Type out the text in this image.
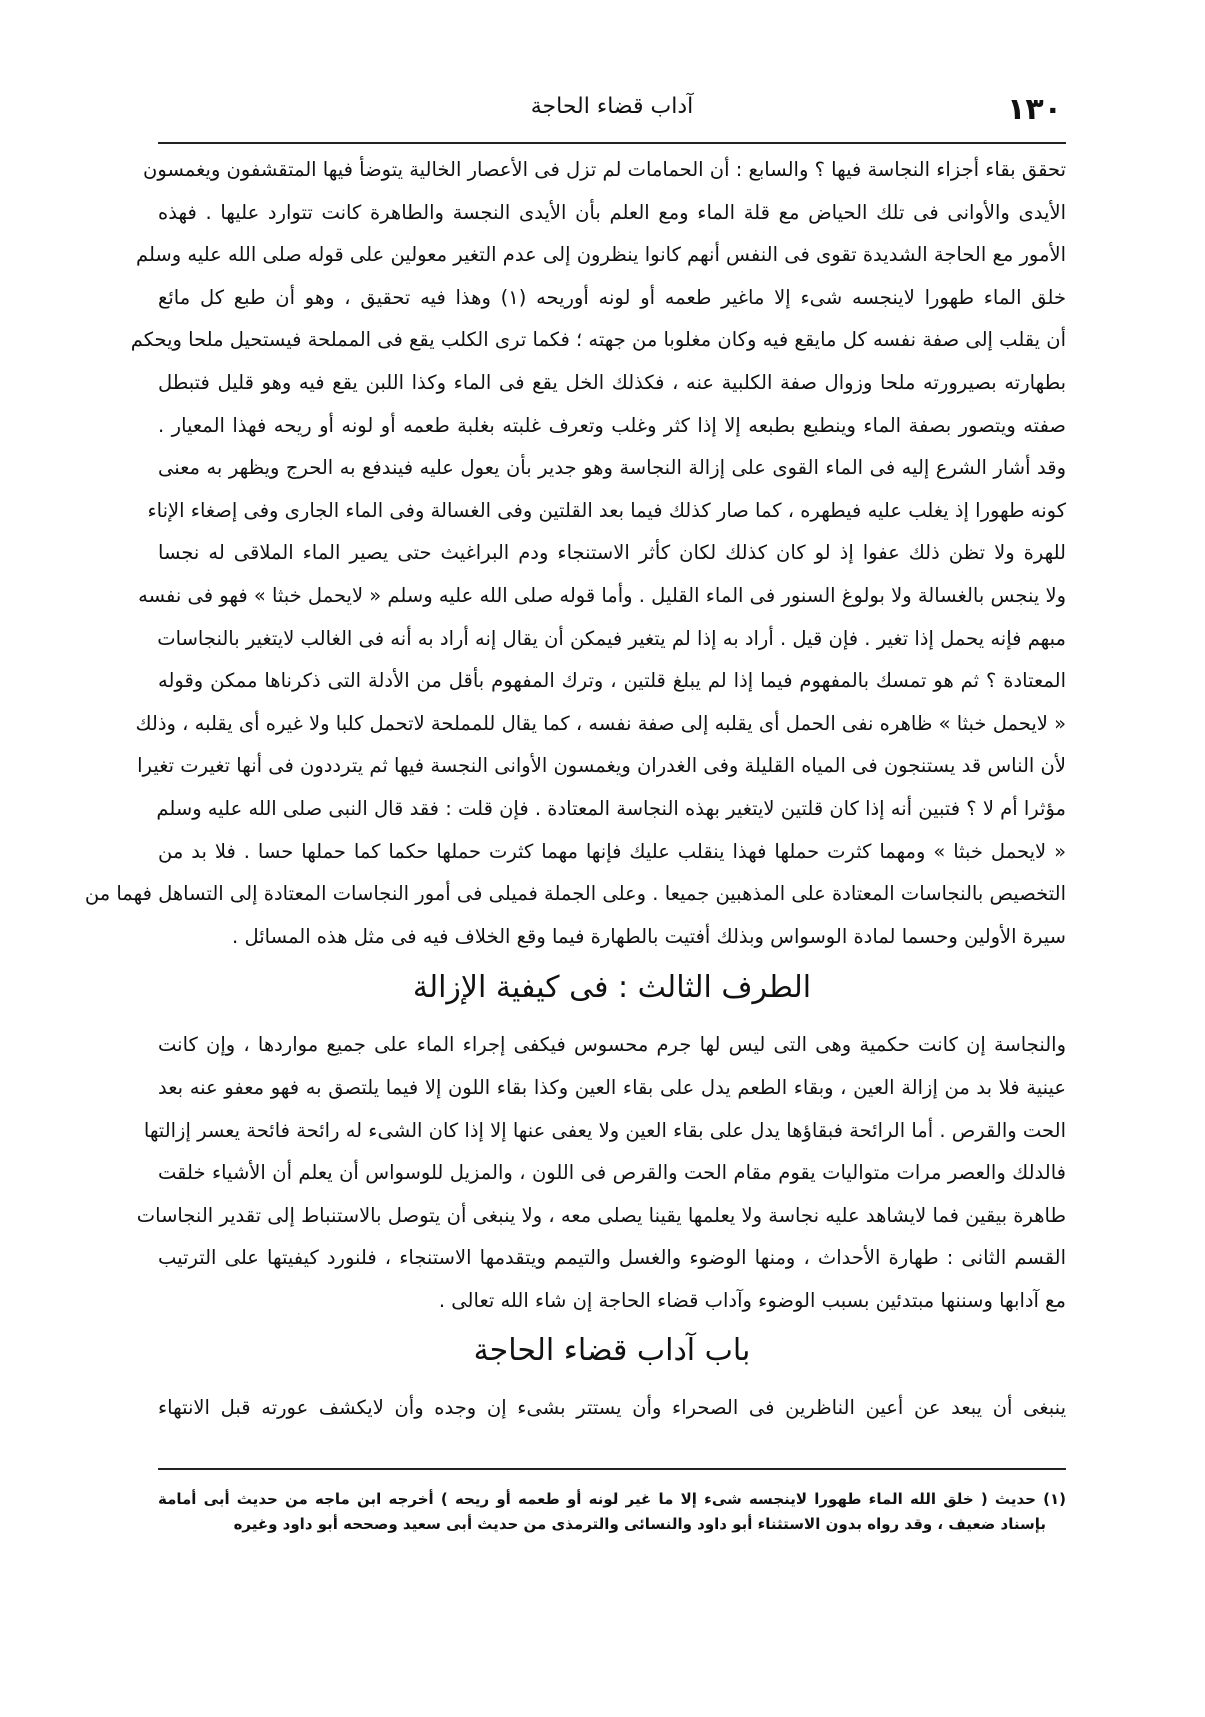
١٣٠
آداب قضاء الحاجة
تحقق بقاء أجزاء النجاسة فيها ؟ والسابع : أن الحمامات لم تزل فى الأعصار الخالية يتوضأ فيها المتقشفون ويغمسون
الأيدى والأوانى فى تلك الحياض مع قلة الماء ومع العلم بأن الأيدى النجسة والطاهرة كانت تتوارد عليها . فهذه
الأمور مع الحاجة الشديدة تقوى فى النفس أنهم كانوا ينظرون إلى عدم التغير معولين على قوله صلى الله عليه وسلم
خلق الماء طهورا لاينجسه شىء إلا ماغير طعمه أو لونه أوريحه (١) وهذا فيه تحقيق ، وهو أن طبع كل مائع
أن يقلب إلى صفة نفسه كل مايقع فيه وكان مغلوبا من جهته ؛ فكما ترى الكلب يقع فى المملحة فيستحيل ملحا ويحكم
بطهارته بصيرورته ملحا وزوال صفة الكلبية عنه ، فكذلك الخل يقع فى الماء وكذا اللبن يقع فيه وهو قليل فتبطل
صفته ويتصور بصفة الماء وينطبع بطبعه إلا إذا كثر وغلب وتعرف غلبته بغلبة طعمه أو لونه أو ريحه فهذا المعيار .
وقد أشار الشرع إليه فى الماء القوى على إزالة النجاسة وهو جدير بأن يعول عليه فيندفع به الحرج ويظهر به معنى
كونه طهورا إذ يغلب عليه فيطهره ، كما صار كذلك فيما بعد القلتين وفى الغسالة وفى الماء الجارى وفى إصغاء الإناء
للهرة ولا تظن ذلك عفوا إذ لو كان كذلك لكان كأثر الاستنجاء ودم البراغيث حتى يصير الماء الملاقى له نجسا
ولا ينجس بالغسالة ولا بولوغ السنور فى الماء القليل . وأما قوله صلى الله عليه وسلم « لايحمل خبثا » فهو فى نفسه
مبهم فإنه يحمل إذا تغير . فإن قيل . أراد به إذا لم يتغير فيمكن أن يقال إنه أراد به أنه فى الغالب لايتغير بالنجاسات
المعتادة ؟ ثم هو تمسك بالمفهوم فيما إذا لم يبلغ قلتين ، وترك المفهوم بأقل من الأدلة التى ذكرناها ممكن وقوله
« لايحمل خبثا » ظاهره نفى الحمل أى يقلبه إلى صفة نفسه ، كما يقال للمملحة لاتحمل كلبا ولا غيره أى يقلبه ، وذلك
لأن الناس قد يستنجون فى المياه القليلة وفى الغدران ويغمسون الأوانى النجسة فيها ثم يترددون فى أنها تغيرت تغيرا
مؤثرا أم لا ؟ فتبين أنه إذا كان قلتين لايتغير بهذه النجاسة المعتادة . فإن قلت : فقد قال النبى صلى الله عليه وسلم
« لايحمل خبثا » ومهما كثرت حملها فهذا ينقلب عليك فإنها مهما كثرت حملها حكما كما حملها حسا . فلا بد من
التخصيص بالنجاسات المعتادة على المذهبين جميعا . وعلى الجملة فميلى فى أمور النجاسات المعتادة إلى التساهل فهما من
سيرة الأولين وحسما لمادة الوسواس وبذلك أفتيت بالطهارة فيما وقع الخلاف فيه فى مثل هذه المسائل .
الطرف الثالث : فى كيفية الإزالة
والنجاسة إن كانت حكمية وهى التى ليس لها جرم محسوس فيكفى إجراء الماء على جميع مواردها ، وإن كانت
عينية فلا بد من إزالة العين ، وبقاء الطعم يدل على بقاء العين وكذا بقاء اللون إلا فيما يلتصق به فهو معفو عنه بعد
الحت والقرص . أما الرائحة فبقاؤها يدل على بقاء العين ولا يعفى عنها إلا إذا كان الشىء له رائحة فائحة يعسر إزالتها
فالدلك والعصر مرات متواليات يقوم مقام الحت والقرص فى اللون ، والمزيل للوسواس أن يعلم أن الأشياء خلقت
طاهرة بيقين فما لايشاهد عليه نجاسة ولا يعلمها يقينا يصلى معه ، ولا ينبغى أن يتوصل بالاستنباط إلى تقدير النجاسات
القسم الثانى : طهارة الأحداث ، ومنها الوضوء والغسل والتيمم ويتقدمها الاستنجاء ، فلنورد كيفيتها على الترتيب
مع آدابها وسننها مبتدئين بسبب الوضوء وآداب قضاء الحاجة إن شاء الله تعالى .
باب آداب قضاء الحاجة
ينبغى أن يبعد عن أعين الناظرين فى الصحراء وأن يستتر بشىء إن وجده وأن لايكشف عورته قبل الانتهاء
(١) حديث ( خلق الله الماء طهورا لاينجسه شىء إلا ما غير لونه أو طعمه أو ريحه ) أخرجه ابن ماجه من حديث أبى أمامة
بإسناد ضعيف ، وقد رواه بدون الاستثناء أبو داود والنسائى والترمذى من حديث أبى سعيد وصححه أبو داود وغيره
